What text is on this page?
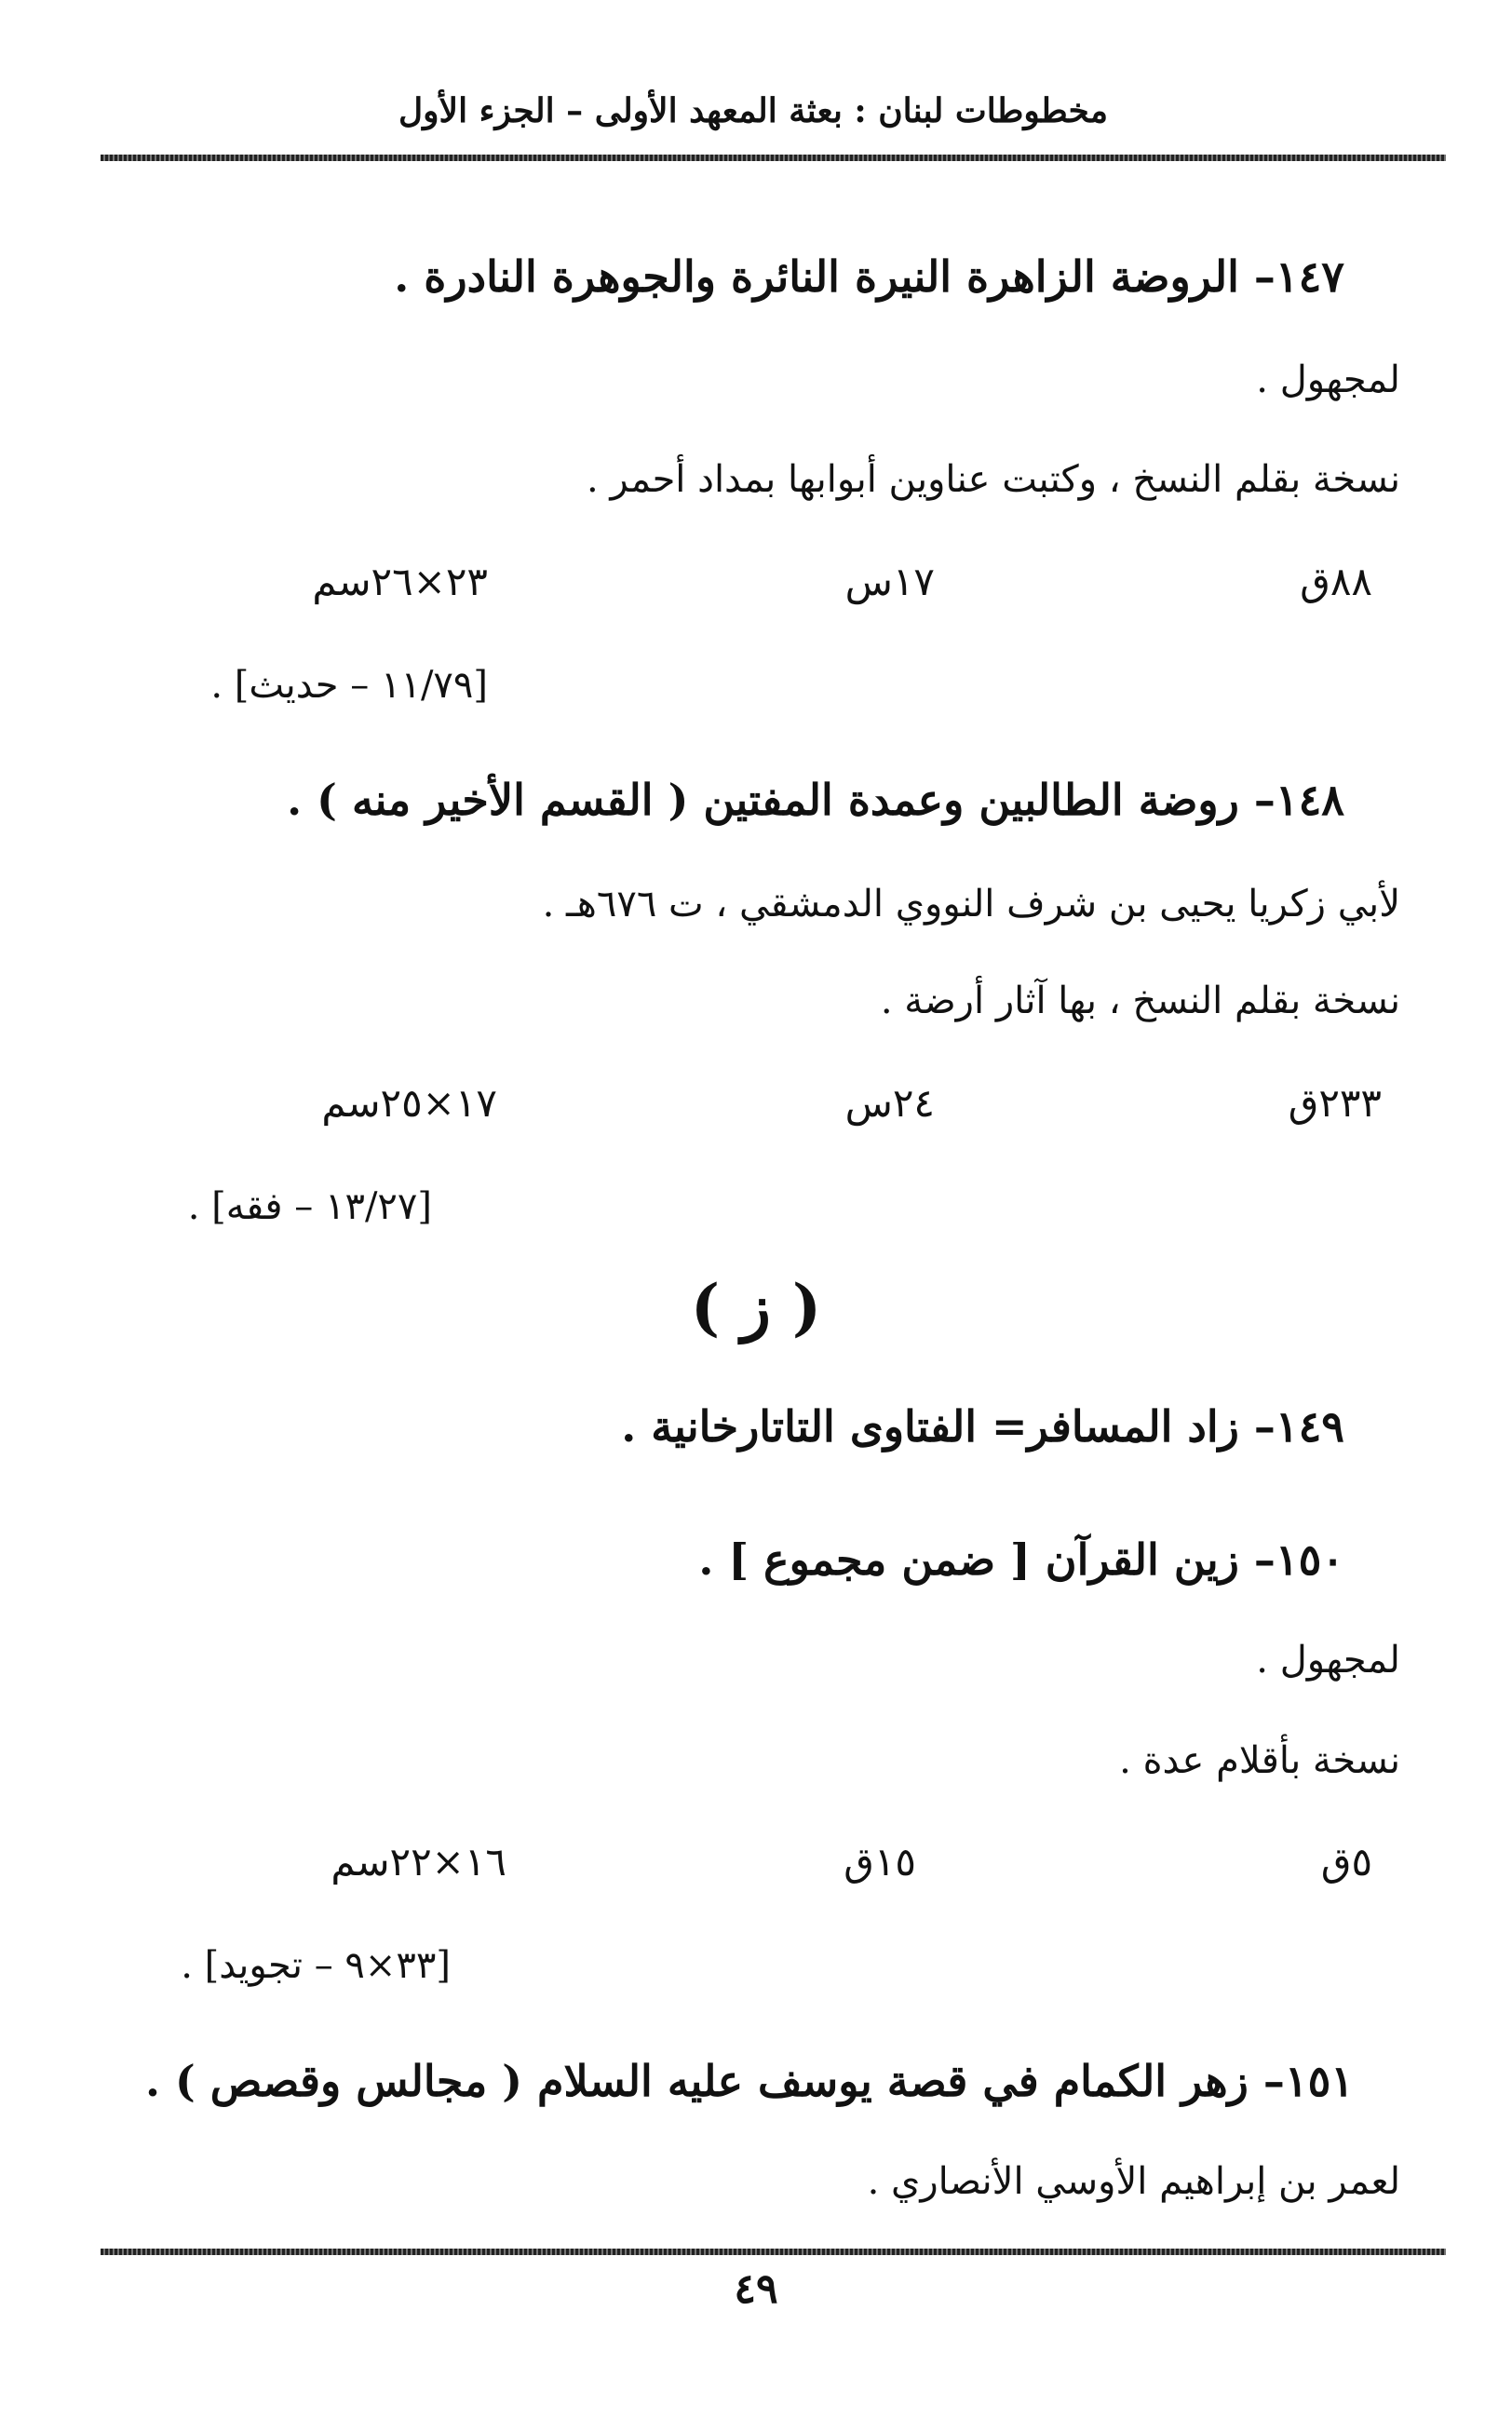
مخطوطات لبنان : بعثة المعهد الأولى – الجزء الأول
١٤٧– الروضة الزاهرة النيرة النائرة والجوهرة النادرة .
لمجهول .
نسخة بقلم النسخ ، وكتبت عناوين أبوابها بمداد أحمر .
٨٨ق
١٧س
٢٣×٢٦سم
[١١/٧٩ – حديث] .
١٤٨– روضة الطالبين وعمدة المفتين ( القسم الأخير منه ) .
لأبي زكريا يحيى بن شرف النووي الدمشقي ، ت ٦٧٦هـ .
نسخة بقلم النسخ ، بها آثار أرضة .
٢٣٣ق
٢٤س
١٧×٢٥سم
[١٣/٢٧ – فقه] .
( ز )
١٤٩– زاد المسافر= الفتاوى التاتارخانية .
١٥٠– زين القرآن [ ضمن مجموع ] .
لمجهول .
نسخة بأقلام عدة .
٥ق
١٥ق
١٦×٢٢سم
[٣٣×٩ – تجويد] .
١٥١– زهر الكمام في قصة يوسف عليه السلام ( مجالس وقصص ) .
لعمر بن إبراهيم الأوسي الأنصاري .
٤٩
